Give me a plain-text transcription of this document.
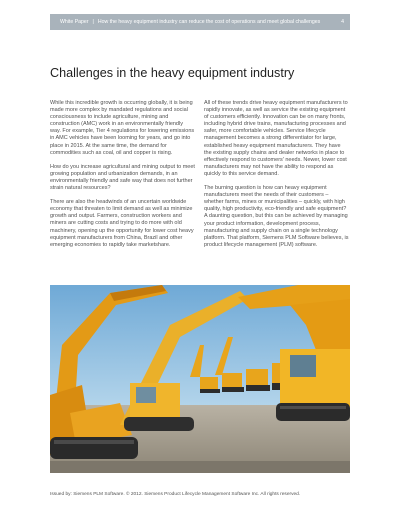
White Paper | How the heavy equipment industry can reduce the cost of operations and meet global challenges	4
Challenges in the heavy equipment industry

While this incredible growth is occurring globally, it is being made more complex by mandated regulations and social consciousness to include agriculture, mining and construction (AMC) work in an environmentally friendly way. For example, Tier 4 regulations for lowering emissions in AMC vehicles have been looming for years, and go into place in 2015. At the same time, the demand for commodities such as coal, oil and copper is rising.

How do you increase agricultural and mining output to meet growing population and urbanization demands, in an environmentally friendly and safe way that does not further strain natural resources?

There are also the headwinds of an uncertain worldwide economy that threaten to limit demand as well as minimize growth and output. Farmers, construction workers and miners are cutting costs and trying to do more with old machinery, opening up the opportunity for lower cost heavy equipment manufacturers from China, Brazil and other emerging economies to rapidly take marketshare.

All of these trends drive heavy equipment manufacturers to rapidly innovate, as well as service the existing equipment of customers efficiently. Innovation can be on many fronts, including hybrid drive trains, manufacturing processes and safer, more comfortable vehicles. Service lifecycle management becomes a strong differentiator for large, established heavy equipment manufacturers. They have the existing supply chains and dealer networks in place to effectively respond to customers' needs. Newer, lower cost manufacturers may not have the ability to respond as quickly to this service demand.

The burning question is how can heavy equipment manufacturers meet the needs of their customers – whether farms, mines or municipalities – quickly, with high quality, high productivity, eco-friendly and safe equipment? A daunting question, but this can be achieved by managing your product information, development process, manufacturing and supply chain on a single technology platform. That platform, Siemens PLM Software believes, is product lifecycle management (PLM) software.

Issued by: Siemens PLM Software. © 2012. Siemens Product Lifecycle Management Software Inc. All rights reserved.
